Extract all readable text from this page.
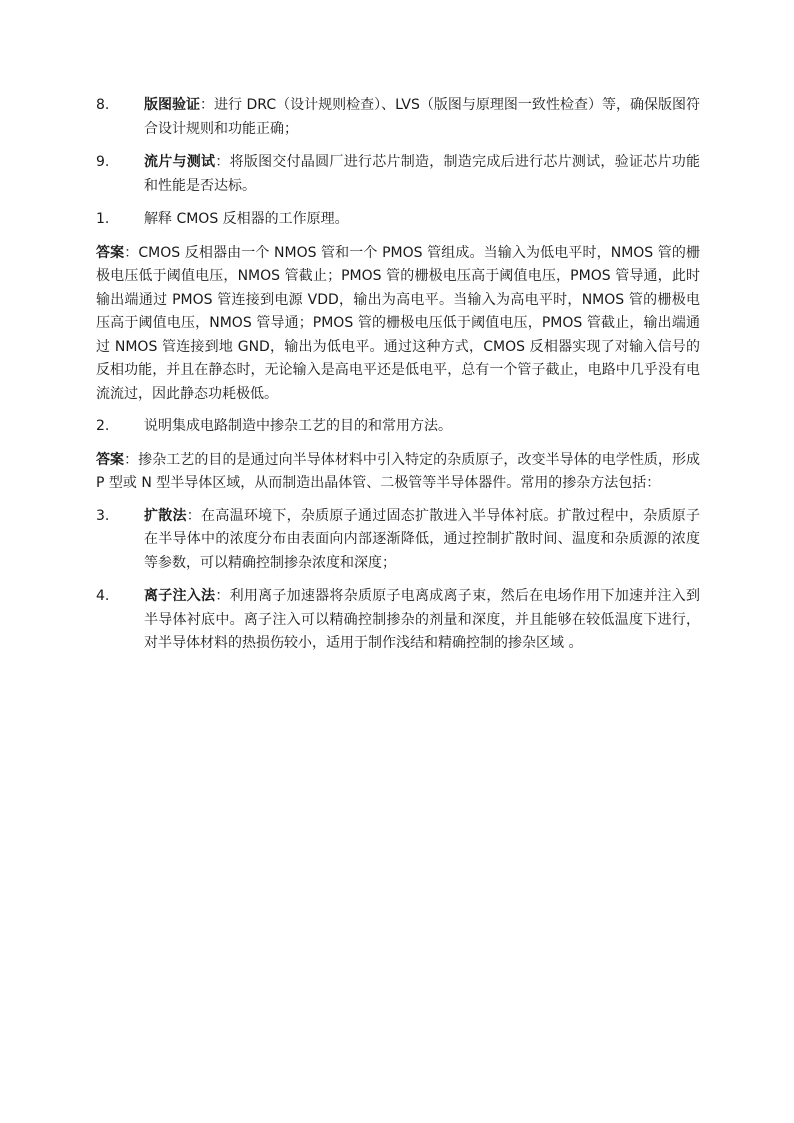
8.	版图验证：进行 DRC（设计规则检查）、LVS（版图与原理图一致性检查）等，确保版图符合设计规则和功能正确；
9.	流片与测试：将版图交付晶圆厂进行芯片制造，制造完成后进行芯片测试，验证芯片功能和性能是否达标。
1.	解释 CMOS 反相器的工作原理。
答案：CMOS 反相器由一个 NMOS 管和一个 PMOS 管组成。当输入为低电平时，NMOS 管的栅极电压低于阈值电压，NMOS 管截止；PMOS 管的栅极电压高于阈值电压，PMOS 管导通，此时输出端通过 PMOS 管连接到电源 VDD，输出为高电平。当输入为高电平时，NMOS 管的栅极电压高于阈值电压，NMOS 管导通；PMOS 管的栅极电压低于阈值电压，PMOS 管截止，输出端通过 NMOS 管连接到地 GND，输出为低电平。通过这种方式，CMOS 反相器实现了对输入信号的反相功能，并且在静态时，无论输入是高电平还是低电平，总有一个管子截止，电路中几乎没有电流流过，因此静态功耗极低。
2.	说明集成电路制造中掺杂工艺的目的和常用方法。
答案：掺杂工艺的目的是通过向半导体材料中引入特定的杂质原子，改变半导体的电学性质，形成 P 型或 N 型半导体区域，从而制造出晶体管、二极管等半导体器件。常用的掺杂方法包括：
3.	扩散法：在高温环境下，杂质原子通过固态扩散进入半导体衬底。扩散过程中，杂质原子在半导体中的浓度分布由表面向内部逐渐降低，通过控制扩散时间、温度和杂质源的浓度等参数，可以精确控制掺杂浓度和深度；
4.	离子注入法：利用离子加速器将杂质原子电离成离子束，然后在电场作用下加速并注入到半导体衬底中。离子注入可以精确控制掺杂的剂量和深度，并且能够在较低温度下进行，对半导体材料的热损伤较小，适用于制作浅结和精确控制的掺杂区域 。
